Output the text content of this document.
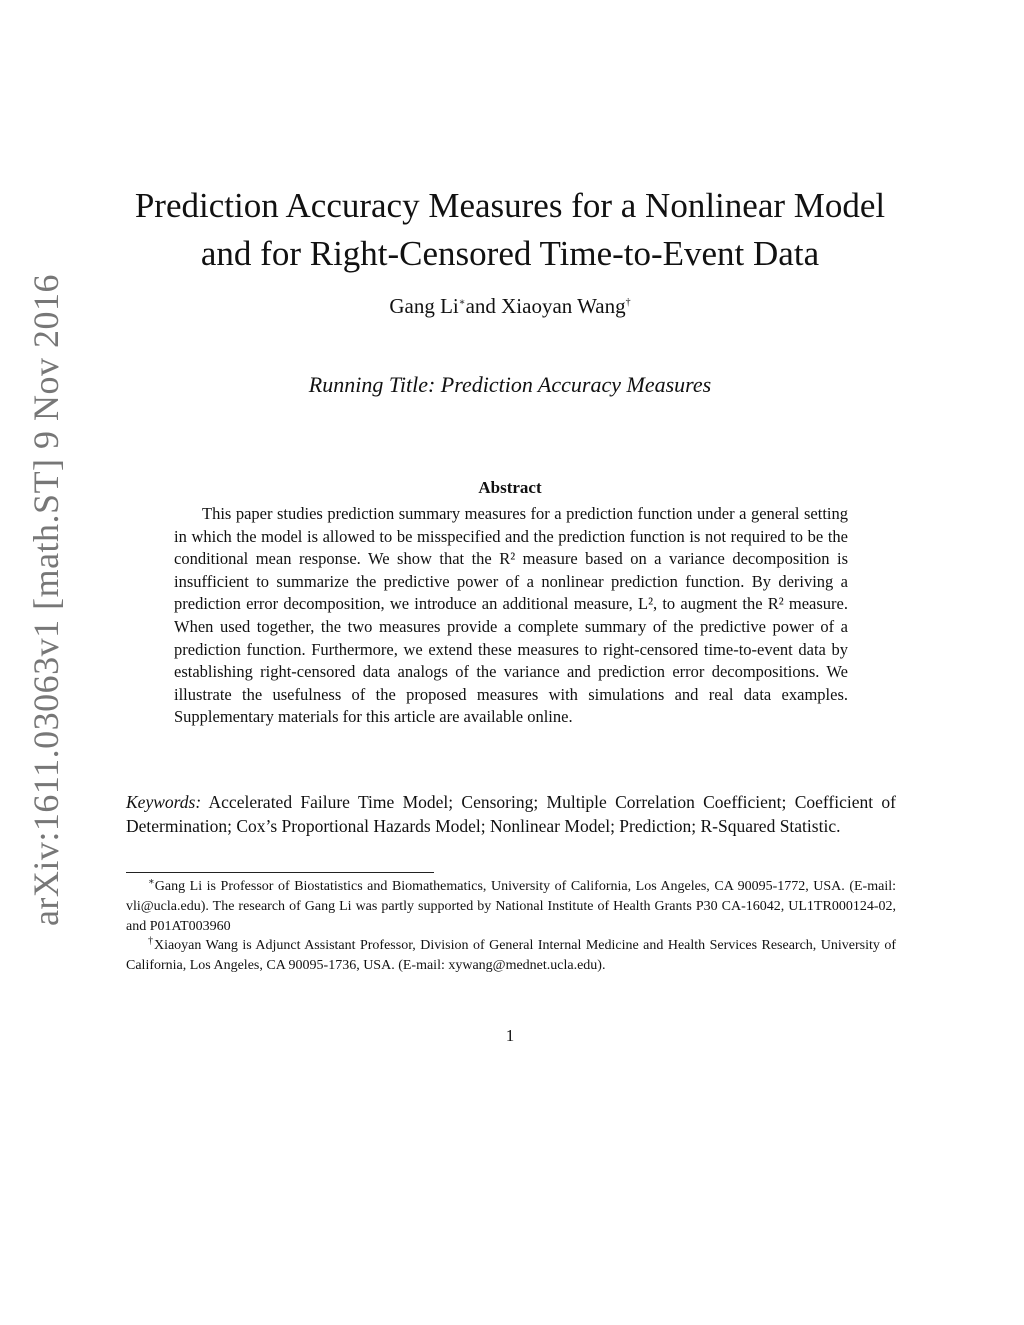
arXiv:1611.03063v1 [math.ST] 9 Nov 2016
Prediction Accuracy Measures for a Nonlinear Model
and for Right-Censored Time-to-Event Data
Gang Li∗and Xiaoyan Wang†
Running Title: Prediction Accuracy Measures
Abstract

This paper studies prediction summary measures for a prediction function under a general setting in which the model is allowed to be misspecified and the prediction function is not required to be the conditional mean response. We show that the R² measure based on a variance decomposition is insufficient to summarize the predictive power of a nonlinear prediction function. By deriving a prediction error decomposition, we introduce an additional measure, L², to augment the R² measure. When used together, the two measures provide a complete summary of the predictive power of a prediction function. Furthermore, we extend these measures to right-censored time-to-event data by establishing right-censored data analogs of the variance and prediction error decompositions. We illustrate the usefulness of the proposed measures with simulations and real data examples. Supplementary materials for this article are available online.

Keywords: Accelerated Failure Time Model; Censoring; Multiple Correlation Coefficient; Coefficient of Determination; Cox’s Proportional Hazards Model; Nonlinear Model; Prediction; R-Squared Statistic.

∗Gang Li is Professor of Biostatistics and Biomathematics, University of California, Los Angeles, CA 90095-1772, USA. (E-mail: vli@ucla.edu). The research of Gang Li was partly supported by National Institute of Health Grants P30 CA-16042, UL1TR000124-02, and P01AT003960

†Xiaoyan Wang is Adjunct Assistant Professor, Division of General Internal Medicine and Health Services Research, University of California, Los Angeles, CA 90095-1736, USA. (E-mail: xywang@mednet.ucla.edu).

1
